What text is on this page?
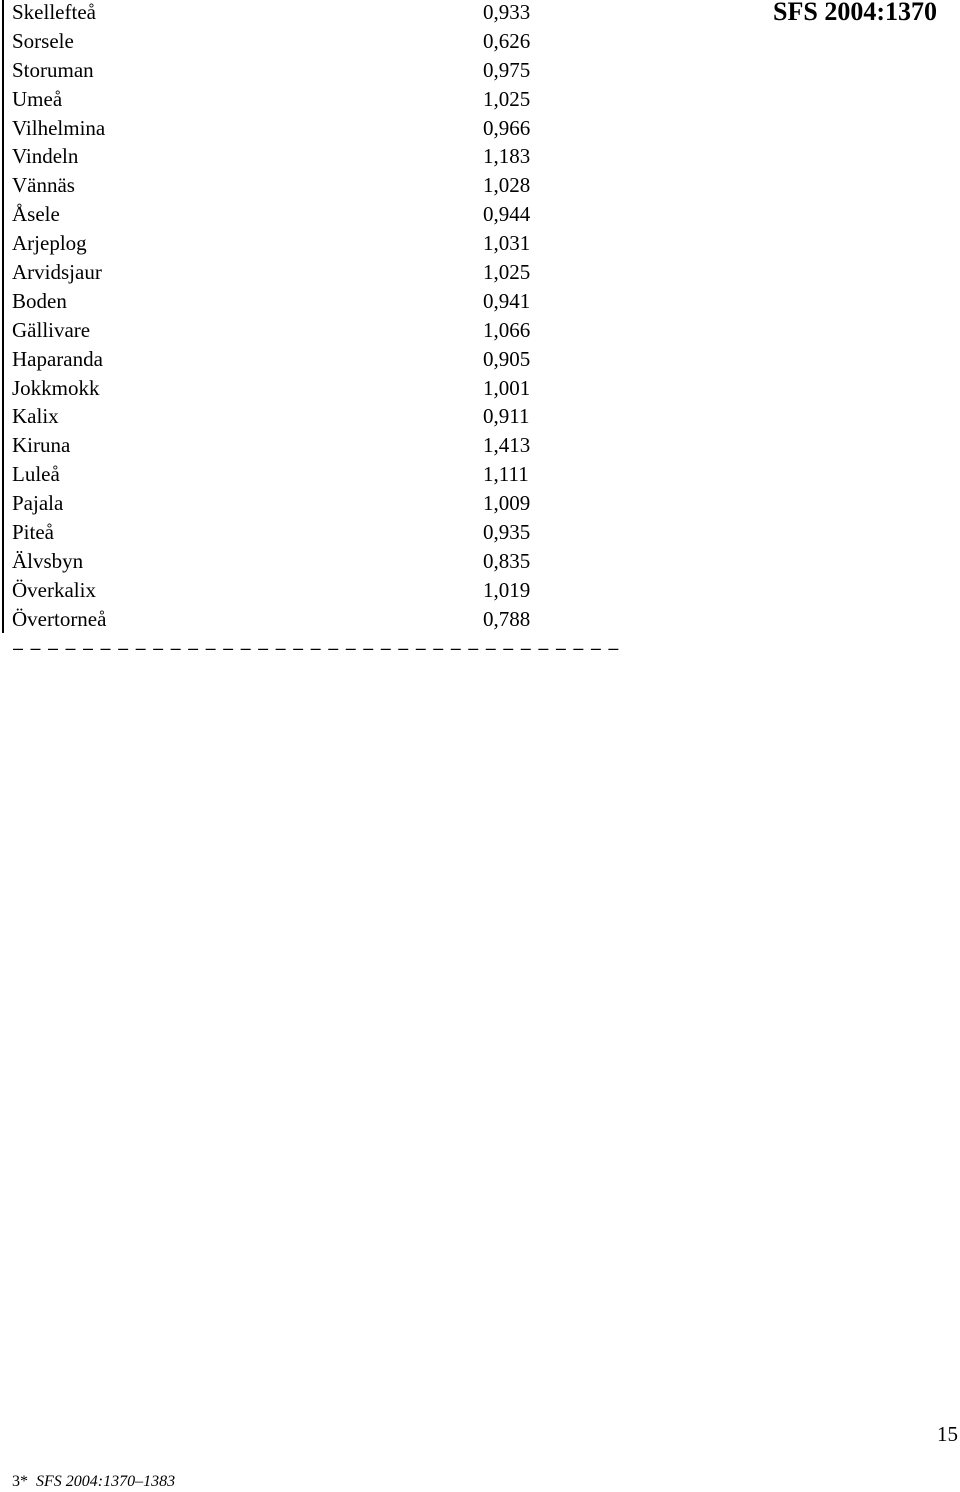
SFS 2004:1370
Skellefteå	0,933
Sorsele	0,626
Storuman	0,975
Umeå	1,025
Vilhelmina	0,966
Vindeln	1,183
Vännäs	1,028
Åsele	0,944
Arjeplog	1,031
Arvidsjaur	1,025
Boden	0,941
Gällivare	1,066
Haparanda	0,905
Jokkmokk	1,001
Kalix	0,911
Kiruna	1,413
Luleå	1,111
Pajala	1,009
Piteå	0,935
Älvsbyn	0,835
Överkalix	1,019
Övertorneå	0,788
–––––––––––––––––––––––––––––––––––
15
3* SFS 2004:1370–1383
